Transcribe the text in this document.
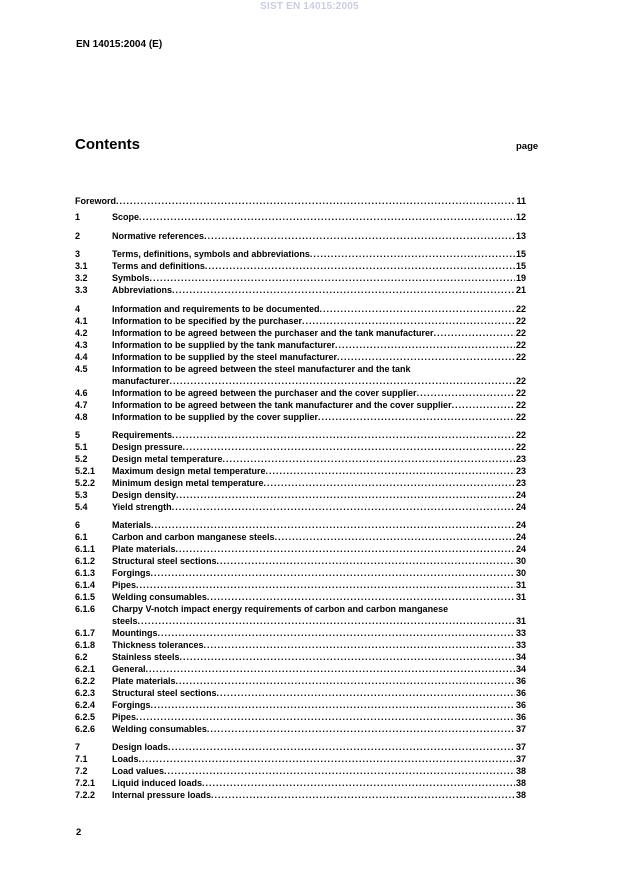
SIST EN 14015:2005
EN 14015:2004 (E)
Contents	page
Foreword .....	11
1	Scope .....	12
2	Normative references .....	13
3	Terms, definitions, symbols and abbreviations .....	15
3.1	Terms and definitions .....	15
3.2	Symbols .....	19
3.3	Abbreviations .....	21
4	Information and requirements to be documented .....	22
4.1	Information to be specified by the purchaser .....	22
4.2	Information to be agreed between the purchaser and the tank manufacturer .....	22
4.3	Information to be supplied by the tank manufacturer .....	22
4.4	Information to be supplied by the steel manufacturer .....	22
4.5	Information to be agreed between the steel manufacturer and the tank
manufacturer .....	22
4.6	Information to be agreed between the purchaser and the cover supplier .....	22
4.7	Information to be agreed between the tank manufacturer and the cover supplier .....	22
4.8	Information to be supplied by the cover supplier .....	22
5	Requirements .....	22
5.1	Design pressure .....	22
5.2	Design metal temperature .....	23
5.2.1 Maximum design metal temperature .....	23
5.2.2 Minimum design metal temperature .....	23
5.3	Design density .....	24
5.4	Yield strength .....	24
6	Materials .....	24
6.1	Carbon and carbon manganese steels .....	24
6.1.1 Plate materials .....	24
6.1.2 Structural steel sections .....	30
6.1.3 Forgings .....	30
6.1.4 Pipes .....	31
6.1.5 Welding consumables .....	31
6.1.6 Charpy V-notch impact energy requirements of carbon and carbon manganese
steels .....	31
6.1.7 Mountings .....	33
6.1.8 Thickness tolerances .....	33
6.2	Stainless steels .....	34
6.2.1 General .....	34
6.2.2 Plate materials .....	36
6.2.3 Structural steel sections .....	36
6.2.4 Forgings .....	36
6.2.5 Pipes .....	36
6.2.6 Welding consumables .....	37
7	Design loads .....	37
7.1	Loads .....	37
7.2	Load values .....	38
7.2.1 Liquid induced loads .....	38
7.2.2 Internal pressure loads .....	38
2
